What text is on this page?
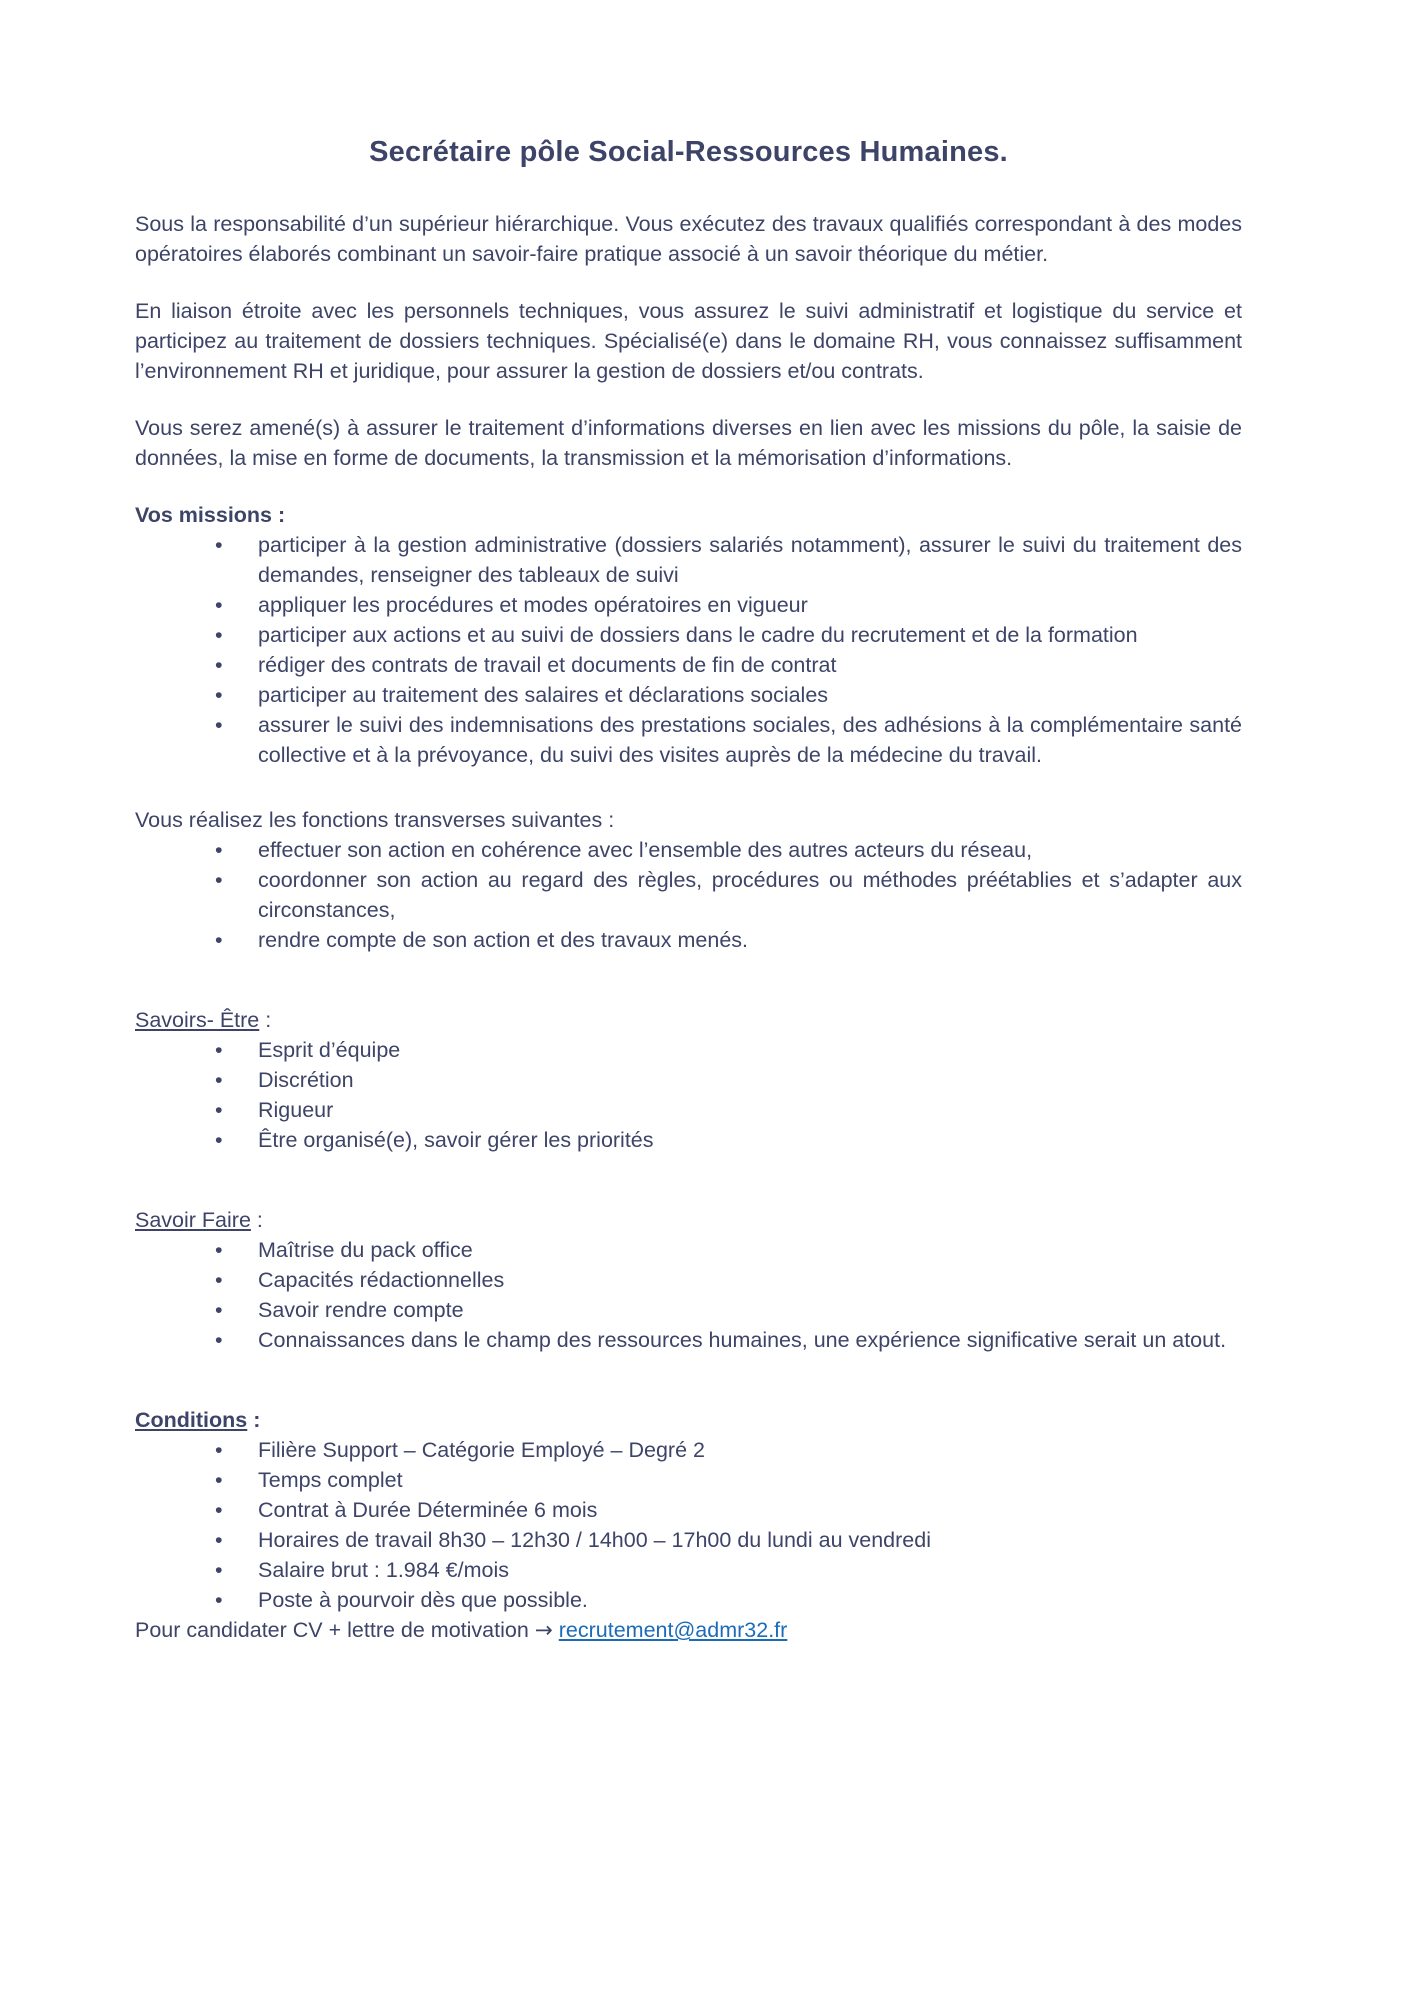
Secrétaire pôle Social-Ressources Humaines.

Sous la responsabilité d’un supérieur hiérarchique. Vous exécutez des travaux qualifiés correspondant à des modes opératoires élaborés combinant un savoir-faire pratique associé à un savoir théorique du métier.

En liaison étroite avec les personnels techniques, vous assurez le suivi administratif et logistique du service et participez au traitement de dossiers techniques. Spécialisé(e) dans le domaine RH, vous connaissez suffisamment l’environnement RH et juridique, pour assurer la gestion de dossiers et/ou contrats.

Vous serez amené(s) à assurer le traitement d’informations diverses en lien avec les missions du pôle, la saisie de données, la mise en forme de documents, la transmission et la mémorisation d’informations.

Vos missions :
• participer à la gestion administrative (dossiers salariés notamment), assurer le suivi du traitement des demandes, renseigner des tableaux de suivi
• appliquer les procédures et modes opératoires en vigueur
• participer aux actions et au suivi de dossiers dans le cadre du recrutement et de la formation
• rédiger des contrats de travail et documents de fin de contrat
• participer au traitement des salaires et déclarations sociales
• assurer le suivi des indemnisations des prestations sociales, des adhésions à la complémentaire santé collective et à la prévoyance, du suivi des visites auprès de la médecine du travail.
Vous réalisez les fonctions transverses suivantes :
• effectuer son action en cohérence avec l’ensemble des autres acteurs du réseau,
• coordonner son action au regard des règles, procédures ou méthodes préétablies et s’adapter aux circonstances,
• rendre compte de son action et des travaux menés.
Savoirs- Être :
• Esprit d’équipe
• Discrétion
• Rigueur
• Être organisé(e), savoir gérer les priorités
Savoir Faire :
• Maîtrise du pack office
• Capacités rédactionnelles
• Savoir rendre compte
• Connaissances dans le champ des ressources humaines, une expérience significative serait un atout.
Conditions :
• Filière Support – Catégorie Employé – Degré 2
• Temps complet
• Contrat à Durée Déterminée 6 mois
• Horaires de travail 8h30 – 12h30 / 14h00 – 17h00 du lundi au vendredi
• Salaire brut : 1.984 €/mois
• Poste à pourvoir dès que possible.

Pour candidater CV + lettre de motivation → recrutement@admr32.fr
